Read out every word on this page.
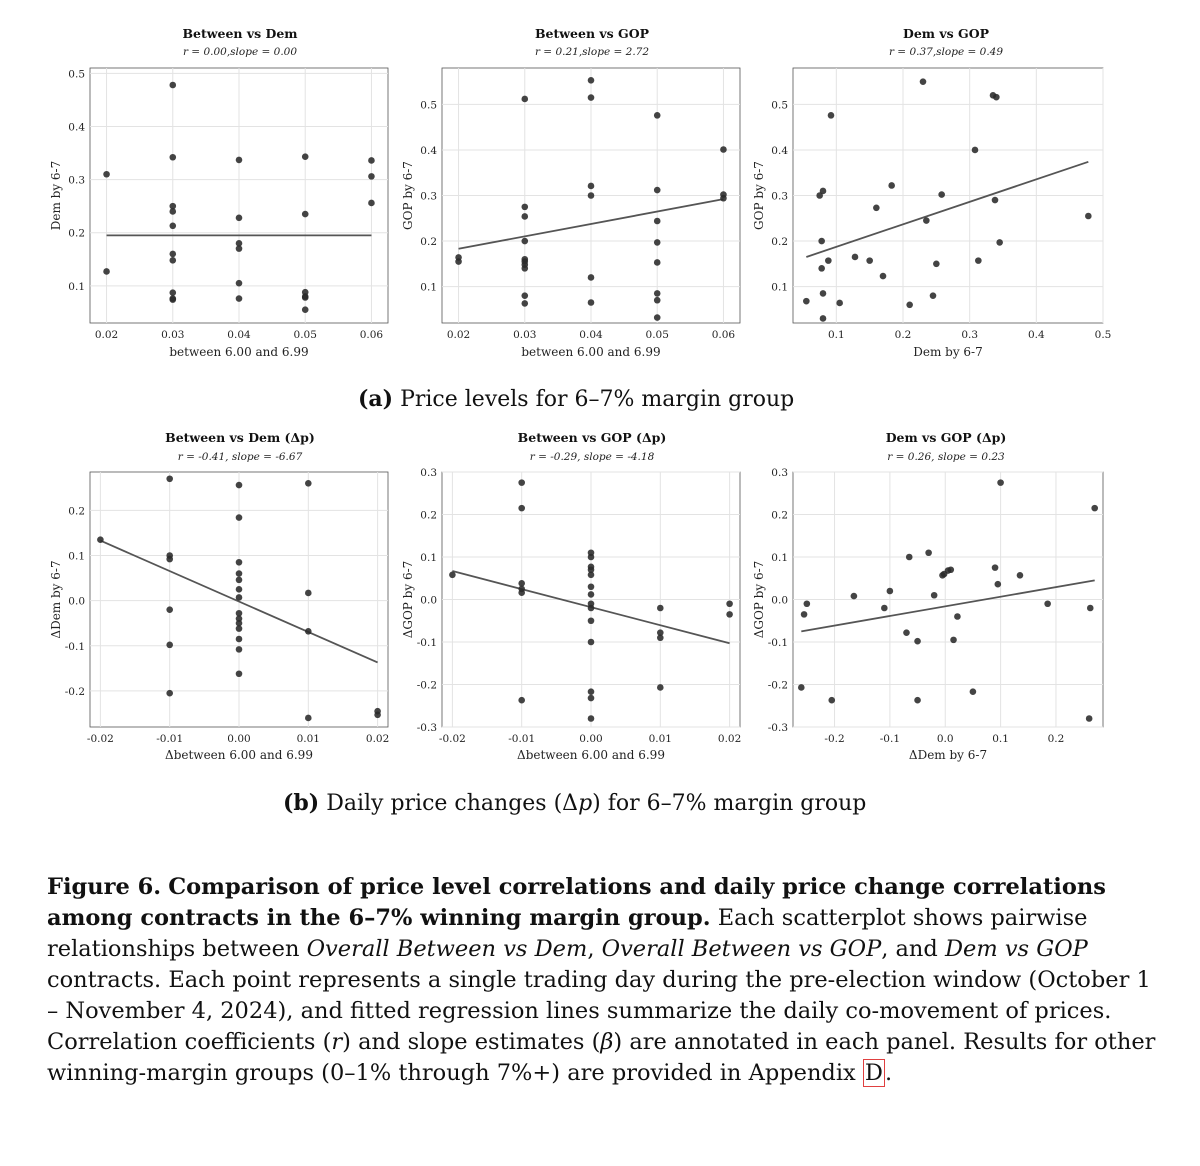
0.02	0.03	0.04	0.05	0.06
0.1
0.2
0.3
0.4
0.5
Between vs Dem
r = 0.00,slope = 0.00
between 6.00 and 6.99
Dem by 6-7
0.02	0.03	0.04	0.05	0.06
0.1
0.2
0.3
0.4
0.5
Between vs GOP
r = 0.21,slope = 2.72
between 6.00 and 6.99
GOP by 6-7
0.1	0.2	0.3	0.4	0.5
0.1
0.2
0.3
0.4
0.5
Dem vs GOP
r = 0.37,slope = 0.49
Dem by 6-7
GOP by 6-7
-0.02	-0.01	0.00	0.01	0.02
-0.2
-0.1
0.0
0.1
0.2
Between vs Dem (Δp)
r = -0.41, slope = -6.67
Δbetween 6.00 and 6.99
ΔDem by 6-7
-0.02	-0.01	0.00	0.01	0.02
-0.3
-0.2
-0.1
0.0
0.1
0.2
0.3
Between vs GOP (Δp)
r = -0.29, slope = -4.18
Δbetween 6.00 and 6.99
ΔGOP by 6-7
-0.2	-0.1	0.0	0.1	0.2
-0.3
-0.2
-0.1
0.0
0.1
0.2
0.3
Dem vs GOP (Δp)
r = 0.26, slope = 0.23
ΔDem by 6-7
ΔGOP by 6-7
(a) Price levels for 6–7% margin group
(b) Daily price changes (Δp) for 6–7% margin group
Figure 6. Comparison of price level correlations and daily price change correlations among contracts in the 6–7% winning margin group. Each scatterplot shows pairwise relationships between Overall Between vs Dem, Overall Between vs GOP, and Dem vs GOP contracts. Each point represents a single trading day during the pre-election window (October 1 – November 4, 2024), and fitted regression lines summarize the daily co-movement of prices. Correlation coefficients (r) and slope estimates (β) are annotated in each panel. Results for other winning-margin groups (0–1% through 7%+) are provided in Appendix D.
